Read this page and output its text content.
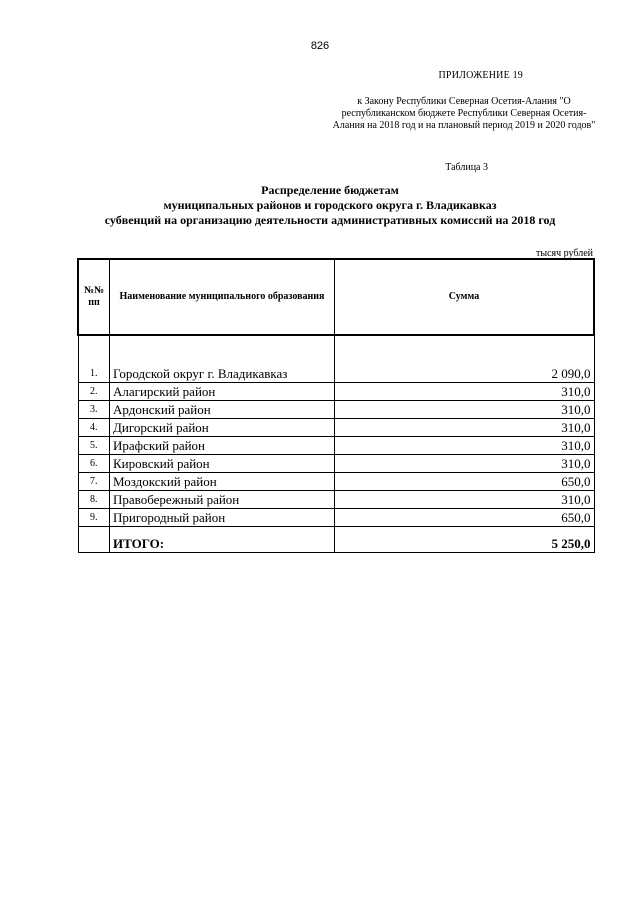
826
ПРИЛОЖЕНИЕ 19
к Закону Республики Северная Осетия-Алания "О республиканском бюджете Республики Северная Осетия-Алания на 2018 год и на плановый период 2019 и 2020 годов"
Таблица 3
Распределение бюджетам
муниципальных районов и городского округа г. Владикавказ
субвенций на организацию деятельности административных комиссий на 2018 год
тысяч рублей
№№ пп	Наименование муниципального образования	Сумма
1.	Городской округ г. Владикавказ	2 090,0
2.	Алагирский район	310,0
3.	Ардонский район	310,0
4.	Дигорский район	310,0
5.	Ирафский район	310,0
6.	Кировский район	310,0
7.	Моздокский район	650,0
8.	Правобережный район	310,0
9.	Пригородный район	650,0
	ИТОГО:	5 250,0
